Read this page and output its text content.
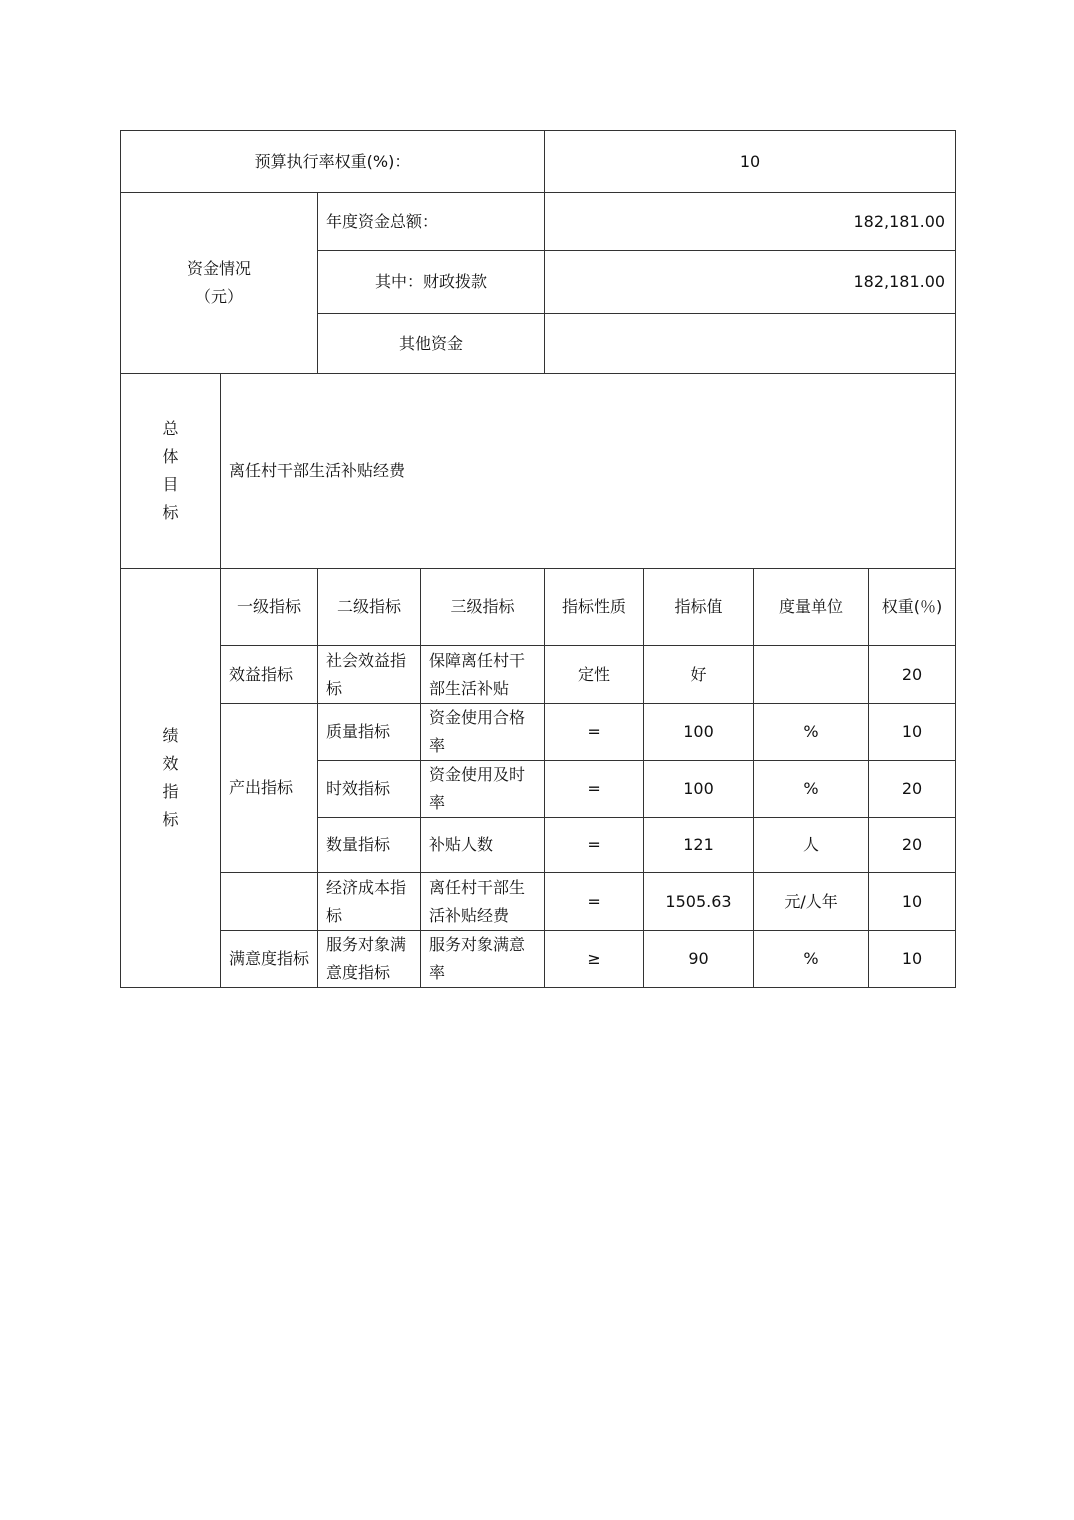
预算执行率权重(%)：				10			

资金情况
（元）		年度资金总额：		182,181.00			
		其中：财政拨款		182,181.00			
		其他资金					

总
体
目
标	离任村干部生活补贴经费						

绩
效
指
标	一级指标	二级指标	三级指标	指标性质	指标值	度量单位	权重(％)
	效益指标	社会效益指标	保障离任村干部生活补贴	定性	好		20
	产出指标	质量指标	资金使用合格率	=	100	%	10
		时效指标	资金使用及时率	=	100	%	20
		数量指标	补贴人数	=	121	人	20
		经济成本指标	离任村干部生活补贴经费	=	1505.63	元/人年	10
	满意度指标	服务对象满意度指标	服务对象满意率	≥	90	%	10
